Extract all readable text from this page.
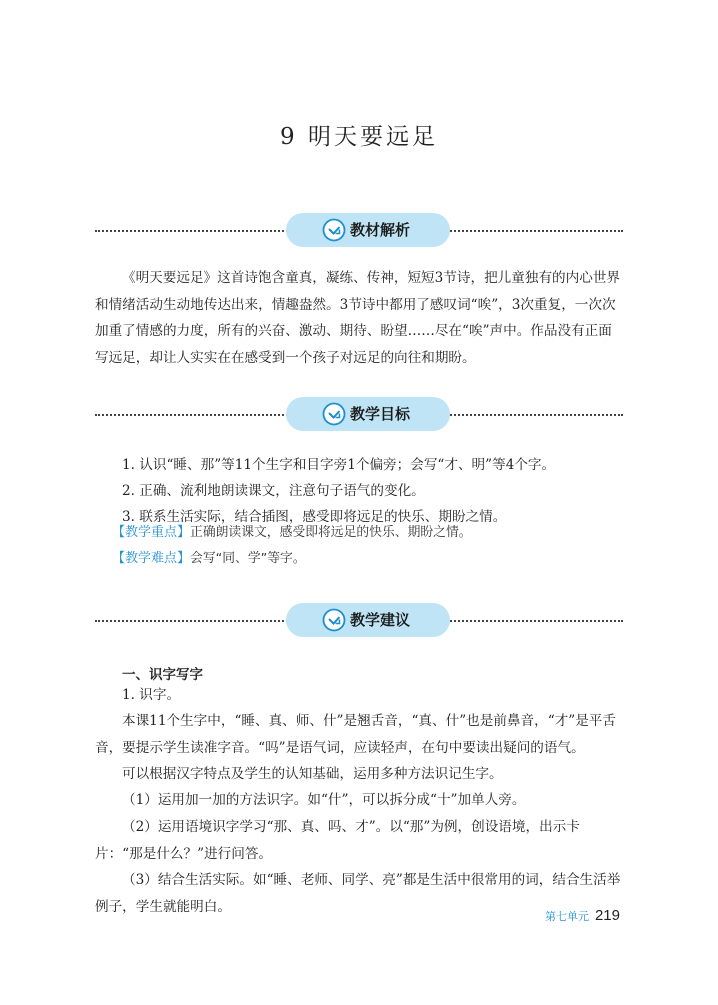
9 明天要远足
教材解析

《明天要远足》这首诗饱含童真，凝练、传神，短短3节诗，把儿童独有的内心世界和情绪活动生动地传达出来，情趣盎然。3节诗中都用了感叹词“唉”，3次重复，一次次加重了情感的力度，所有的兴奋、激动、期待、盼望……尽在“唉”声中。作品没有正面写远足，却让人实实在在感受到一个孩子对远足的向往和期盼。

教学目标
1. 认识“睡、那”等11个生字和目字旁1个偏旁；会写“才、明”等4个字。
2. 正确、流利地朗读课文，注意句子语气的变化。
3. 联系生活实际，结合插图，感受即将远足的快乐、期盼之情。
【教学重点】正确朗读课文，感受即将远足的快乐、期盼之情。
【教学难点】会写“同、学”等字。
教学建议
一、识字写字
1. 识字。

本课11个生字中，“睡、真、师、什”是翘舌音，“真、什”也是前鼻音，“才”是平舌音，要提示学生读准字音。“吗”是语气词，应读轻声，在句中要读出疑问的语气。

可以根据汉字特点及学生的认知基础，运用多种方法识记生字。

（1）运用加一加的方法识字。如“什”，可以拆分成“十”加单人旁。

（2）运用语境识字学习“那、真、吗、才”。以“那”为例，创设语境，出示卡片：“那是什么？”进行问答。

（3）结合生活实际。如“睡、老师、同学、亮”都是生活中很常用的词，结合生活举例子，学生就能明白。

第七单元 219
